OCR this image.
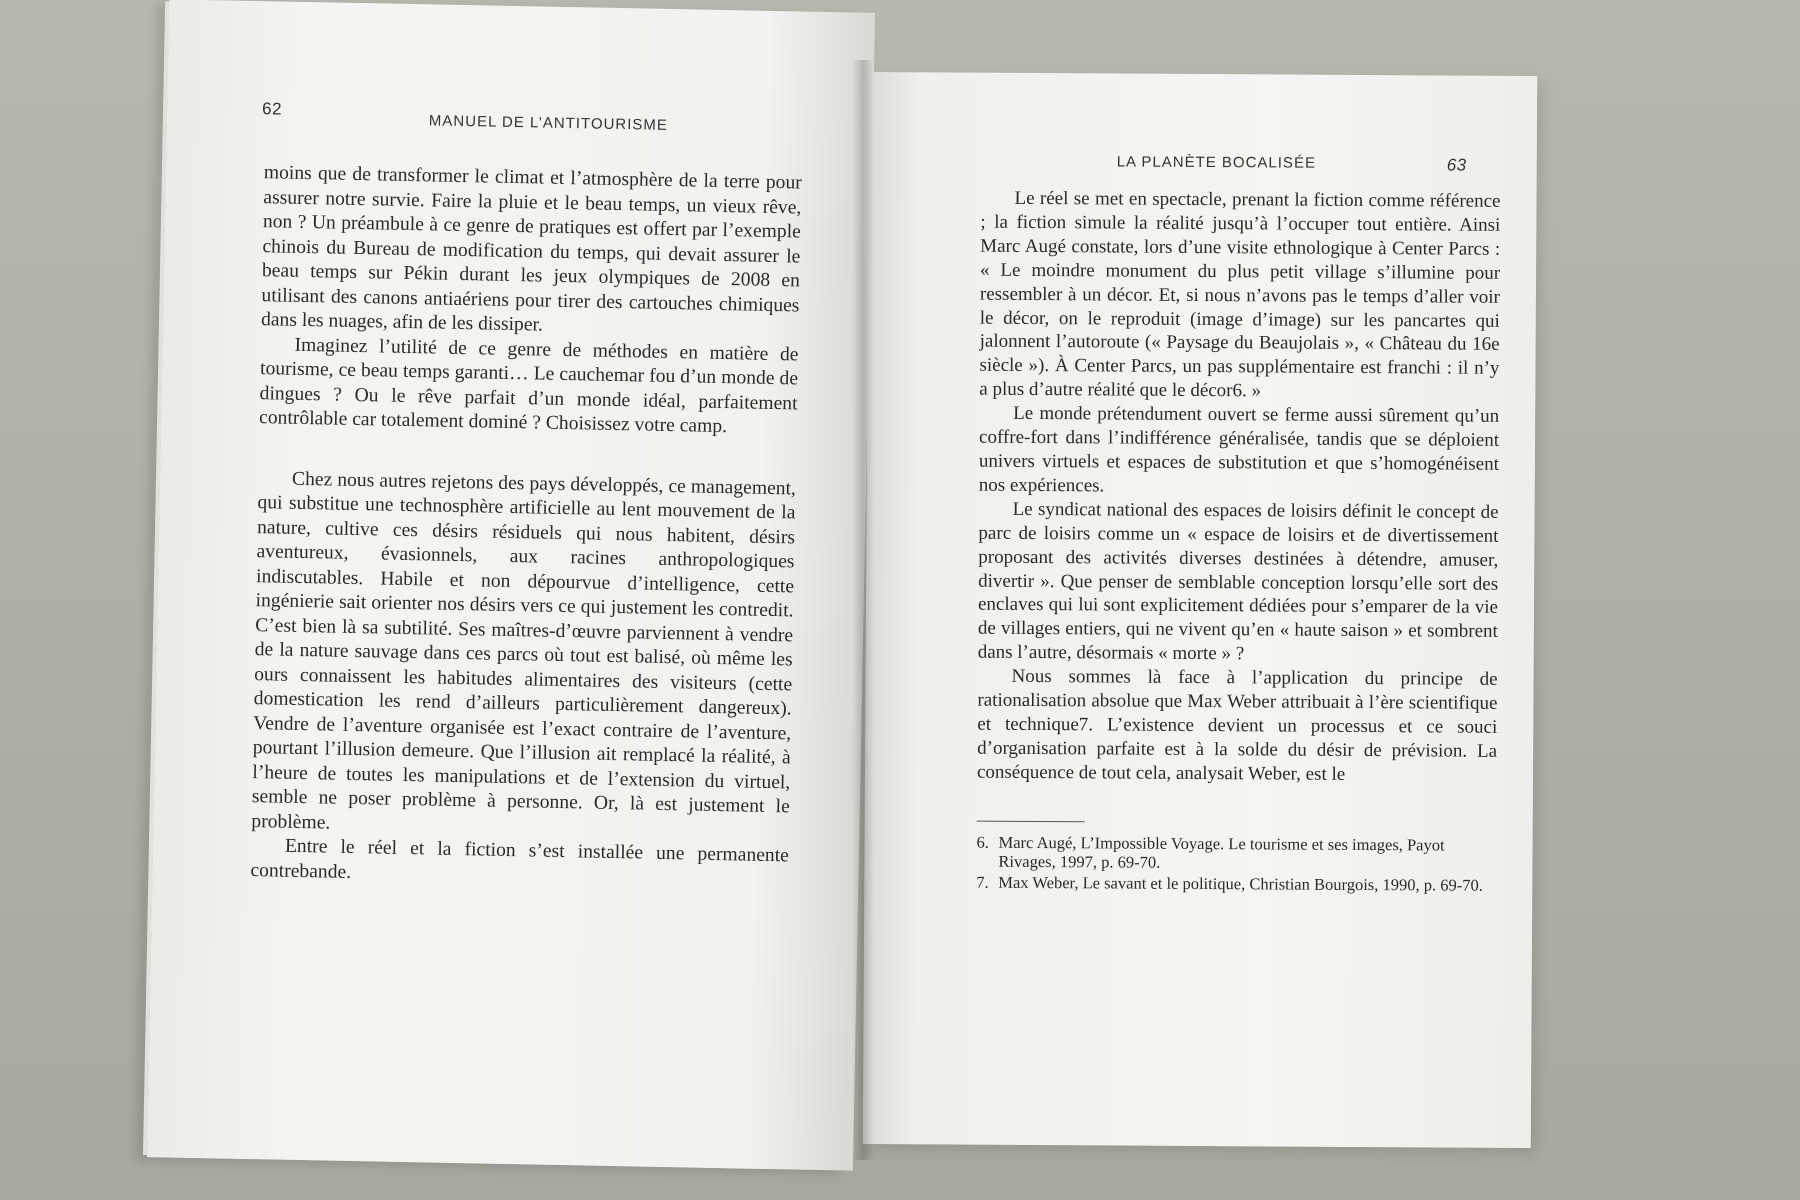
62
MANUEL DE L’ANTITOURISME

moins que de transformer le climat et l’atmosphère de la terre pour assurer notre survie. Faire la pluie et le beau temps, un vieux rêve, non ? Un préambule à ce genre de pratiques est offert par l’exemple chinois du Bureau de modification du temps, qui devait assurer le beau temps sur Pékin durant les jeux olympiques de 2008 en utilisant des canons antiaériens pour tirer des cartouches chimiques dans les nuages, afin de les dissiper.

Imaginez l’utilité de ce genre de méthodes en matière de tourisme, ce beau temps garanti… Le cauchemar fou d’un monde de dingues ? Ou le rêve parfait d’un monde idéal, parfaitement contrôlable car totalement dominé ? Choisissez votre camp.

Chez nous autres rejetons des pays développés, ce management, qui substitue une technosphère artificielle au lent mouvement de la nature, cultive ces désirs résiduels qui nous habitent, désirs aventureux, évasionnels, aux racines anthropologiques indiscutables. Habile et non dépourvue d’intelligence, cette ingénierie sait orienter nos désirs vers ce qui justement les contredit. C’est bien là sa subtilité. Ses maîtres-d’œuvre parviennent à vendre de la nature sauvage dans ces parcs où tout est balisé, où même les ours connaissent les habitudes alimentaires des visiteurs (cette domestication les rend d’ailleurs particulièrement dangereux). Vendre de l’aventure organisée est l’exact contraire de l’aventure, pourtant l’illusion demeure. Que l’illusion ait remplacé la réalité, à l’heure de toutes les manipulations et de l’extension du virtuel, semble ne poser problème à personne. Or, là est justement le problème.

Entre le réel et la fiction s’est installée une permanente contrebande.

LA PLANÈTE BOCALISÉE	63

Le réel se met en spectacle, prenant la fiction comme référence ; la fiction simule la réalité jusqu’à l’occuper tout entière. Ainsi Marc Augé constate, lors d’une visite ethnologique à Center Parcs : « Le moindre monument du plus petit village s’illumine pour ressembler à un décor. Et, si nous n’avons pas le temps d’aller voir le décor, on le reproduit (image d’image) sur les pancartes qui jalonnent l’autoroute (« Paysage du Beaujolais », « Château du 16e siècle »). À Center Parcs, un pas supplémentaire est franchi : il n’y a plus d’autre réalité que le décor6. »

Le monde prétendument ouvert se ferme aussi sûrement qu’un coffre-fort dans l’indifférence généralisée, tandis que se déploient univers virtuels et espaces de substitution et que s’homogénéisent nos expériences.

Le syndicat national des espaces de loisirs définit le concept de parc de loisirs comme un « espace de loisirs et de divertissement proposant des activités diverses destinées à détendre, amuser, divertir ». Que penser de semblable conception lorsqu’elle sort des enclaves qui lui sont explicitement dédiées pour s’emparer de la vie de villages entiers, qui ne vivent qu’en « haute saison » et sombrent dans l’autre, désormais « morte » ?

Nous sommes là face à l’application du principe de rationalisation absolue que Max Weber attribuait à l’ère scientifique et technique7. L’existence devient un processus et ce souci d’organisation parfaite est à la solde du désir de prévision. La conséquence de tout cela, analysait Weber, est le

6. Marc Augé, L’Impossible Voyage. Le tourisme et ses images, Payot Rivages, 1997, p. 69-70.
7. Max Weber, Le savant et le politique, Christian Bourgois, 1990, p. 69-70.
